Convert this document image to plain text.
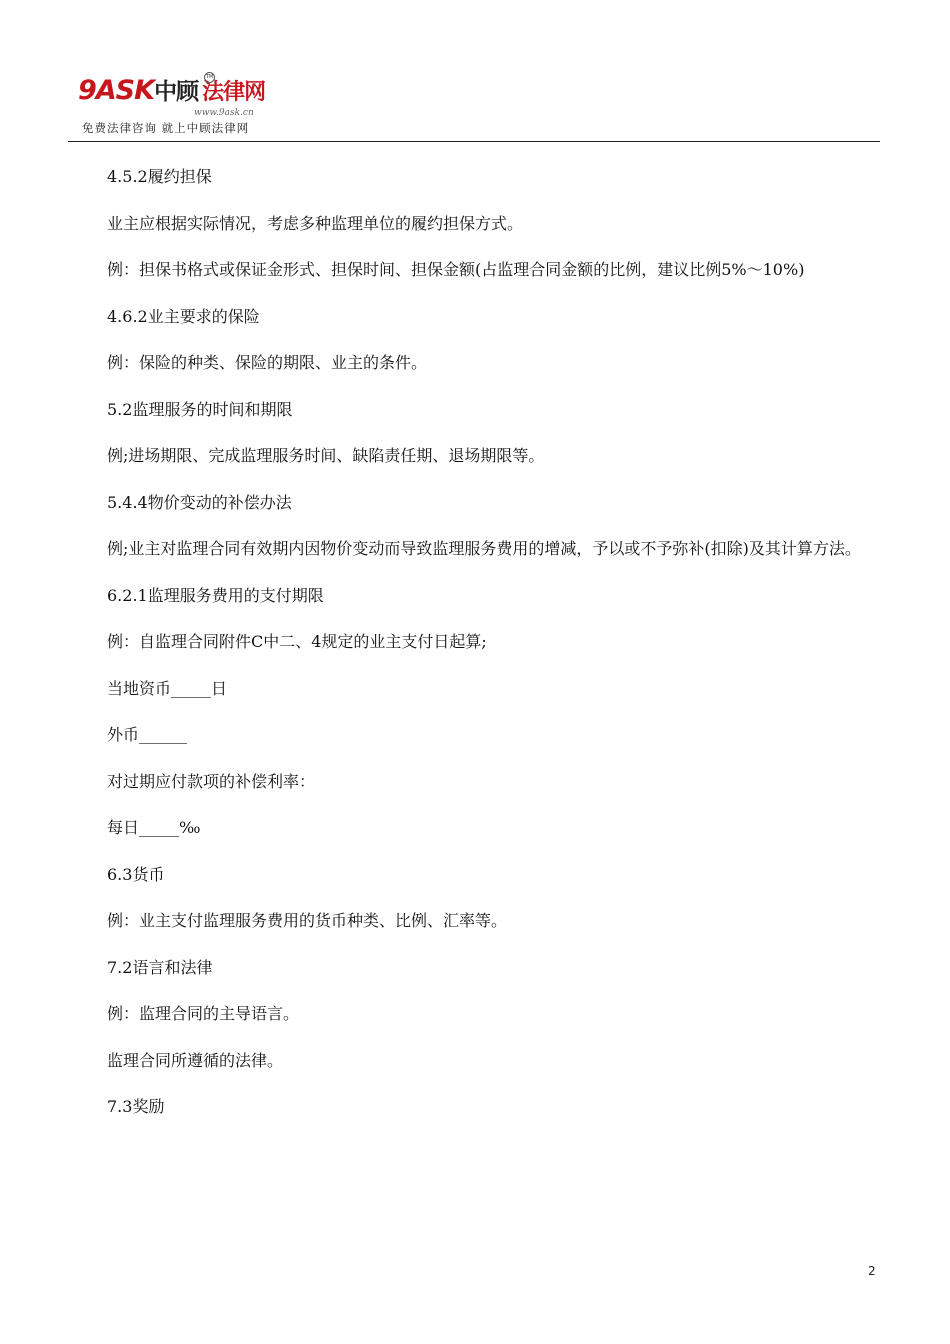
9ASK中顾 法律网
TM
www.9ask.cn
免费法律咨询 就上中顾法律网

4.5.2履约担保

业主应根据实际情况，考虑多种监理单位的履约担保方式。

例：担保书格式或保证金形式、担保时间、担保金额(占监理合同金额的比例，建议比例5%～10%)

4.6.2业主要求的保险

例：保险的种类、保险的期限、业主的条件。

5.2监理服务的时间和期限

例;进场期限、完成监理服务时间、缺陷责任期、退场期限等。

5.4.4物价变动的补偿办法

例;业主对监理合同有效期内因物价变动而导致监理服务费用的增减，予以或不予弥补(扣除)及其计算方法。

6.2.1监理服务费用的支付期限

例：自监理合同附件C中二、4规定的业主支付日起算;

当地资币_____日

外币______

对过期应付款项的补偿利率：

每日_____‰

6.3货币

例：业主支付监理服务费用的货币种类、比例、汇率等。

7.2语言和法律

例：监理合同的主导语言。

监理合同所遵循的法律。

7.3奖励

2
